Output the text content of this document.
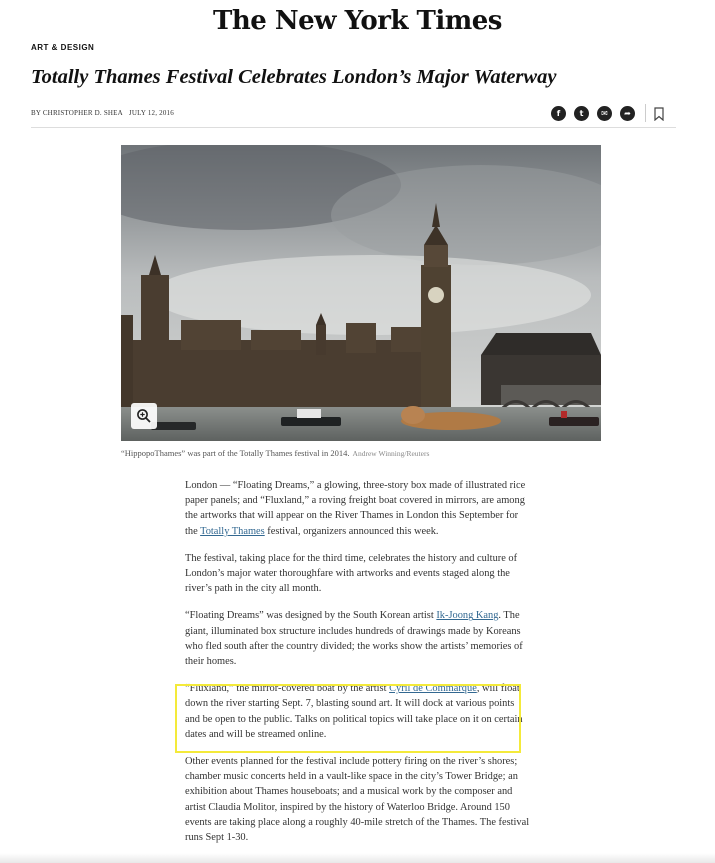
The New York Times
ART & DESIGN
Totally Thames Festival Celebrates London’s Major Waterway
BY CHRISTOPHER D. SHEA JULY 12, 2016	f	t	✉	➦
“HippopoThames” was part of the Totally Thames festival in 2014. Andrew Winning/Reuters

London — “Floating Dreams,” a glowing, three-story box made of illustrated rice paper panels; and “Fluxland,” a roving freight boat covered in mirrors, are among the artworks that will appear on the River Thames in London this September for the Totally Thames festival, organizers announced this week.

The festival, taking place for the third time, celebrates the history and culture of London’s major water thoroughfare with artworks and events staged along the river’s path in the city all month.

“Floating Dreams” was designed by the South Korean artist Ik-Joong Kang. The giant, illuminated box structure includes hundreds of drawings made by Koreans who fled south after the country divided; the works show the artists’ memories of their homes.

“Fluxland,” the mirror-covered boat by the artist Cyril de Commarque, will float down the river starting Sept. 7, blasting sound art. It will dock at various points and be open to the public. Talks on political topics will take place on it on certain dates and will be streamed online.

Other events planned for the festival include pottery firing on the river’s shores; chamber music concerts held in a vault-like space in the city’s Tower Bridge; an exhibition about Thames houseboats; and a musical work by the composer and artist Claudia Molitor, inspired by the history of Waterloo Bridge. Around 150 events are taking place along a roughly 40-mile stretch of the Thames. The festival runs Sept 1-30.
